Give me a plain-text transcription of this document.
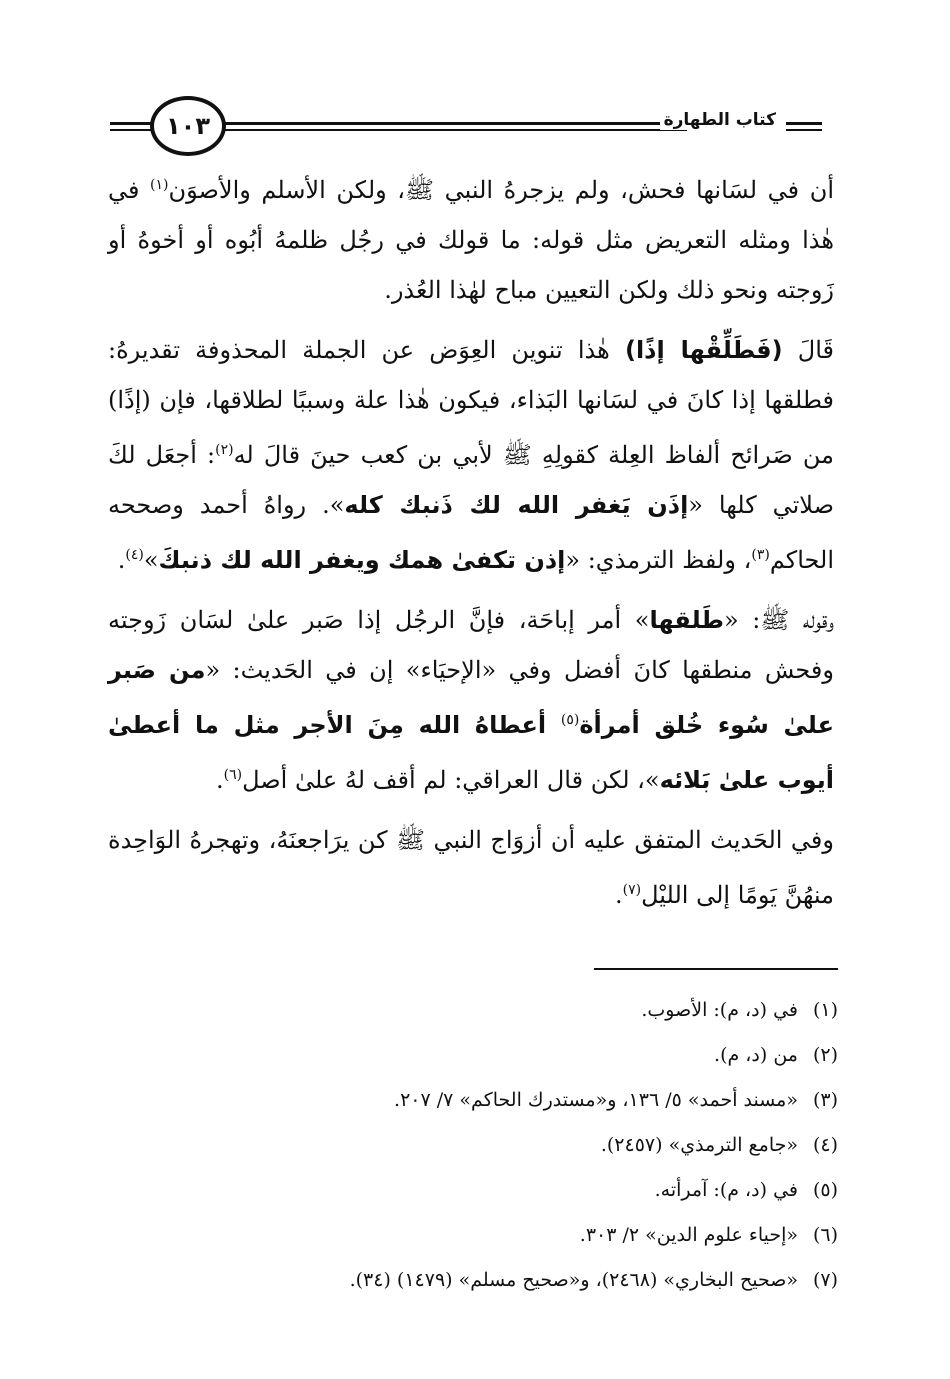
١٠٣	كتاب الطهارة

أن في لسَانها فحش، ولم يزجرهُ النبي ﷺ، ولكن الأسلم والأصوَن$^{(١)}$ في هٰذا ومثله التعريض مثل قوله: ما قولك في رجُل ظلمهُ أبُوه أو أخوهُ أو زَوجته ونحو ذلك ولكن التعيين مباح لهٰذا العُذر.

قَالَ (فَطَلِّقْها إذًا) هٰذا تنوين العِوَض عن الجملة المحذوفة تقديرهُ: فطلقها إذا كانَ في لسَانها البَذاء، فيكون هٰذا علة وسببًا لطلاقها، فإن (إذًا) من صَرائح ألفاظ العِلة كقولِهِ ﷺ لأبي بن كعب حينَ قالَ له$^{(٢)}$: أجعَل لكَ صلاتي كلها «إذَن يَغفر الله لك ذَنبك كله». رواهُ أحمد وصححه الحاكم$^{(٣)}$، ولفظ الترمذي: «إذن تكفىٰ همك ويغفر الله لك ذنبكَ»$^{(٤)}$.

وقوله ﷺ: «طَلقها» أمر إباحَة، فإنَّ الرجُل إذا صَبر علىٰ لسَان زَوجته وفحش منطقها كانَ أفضل وفي «الإحيَاء» إن في الحَديث: «من صَبر علىٰ سُوء خُلق أمرأة$^{(٥)}$ أعطاهُ الله مِنَ الأجر مثل ما أعطىٰ أيوب علىٰ بَلائه»، لكن قال العراقي: لم أقف لهُ علىٰ أصل$^{(٦)}$.

وفي الحَديث المتفق عليه أن أزوَاج النبي ﷺ كن يرَاجعنَهُ، وتهجرهُ الوَاحِدة منهُنَّ يَومًا إلى الليْل$^{(٧)}$.

(١)
في (د، م): الأصوب.
(٢)
من (د، م).
(٣)
«مسند أحمد» ٥/ ١٣٦، و«مستدرك الحاكم» ٧/ ٢٠٧.
(٤)
«جامع الترمذي» (٢٤٥٧).
(٥)
في (د، م): آمرأته.
(٦)
«إحياء علوم الدين» ٢/ ٣٠٣.
(٧)
«صحيح البخاري» (٢٤٦٨)، و«صحيح مسلم» (١٤٧٩) (٣٤).
